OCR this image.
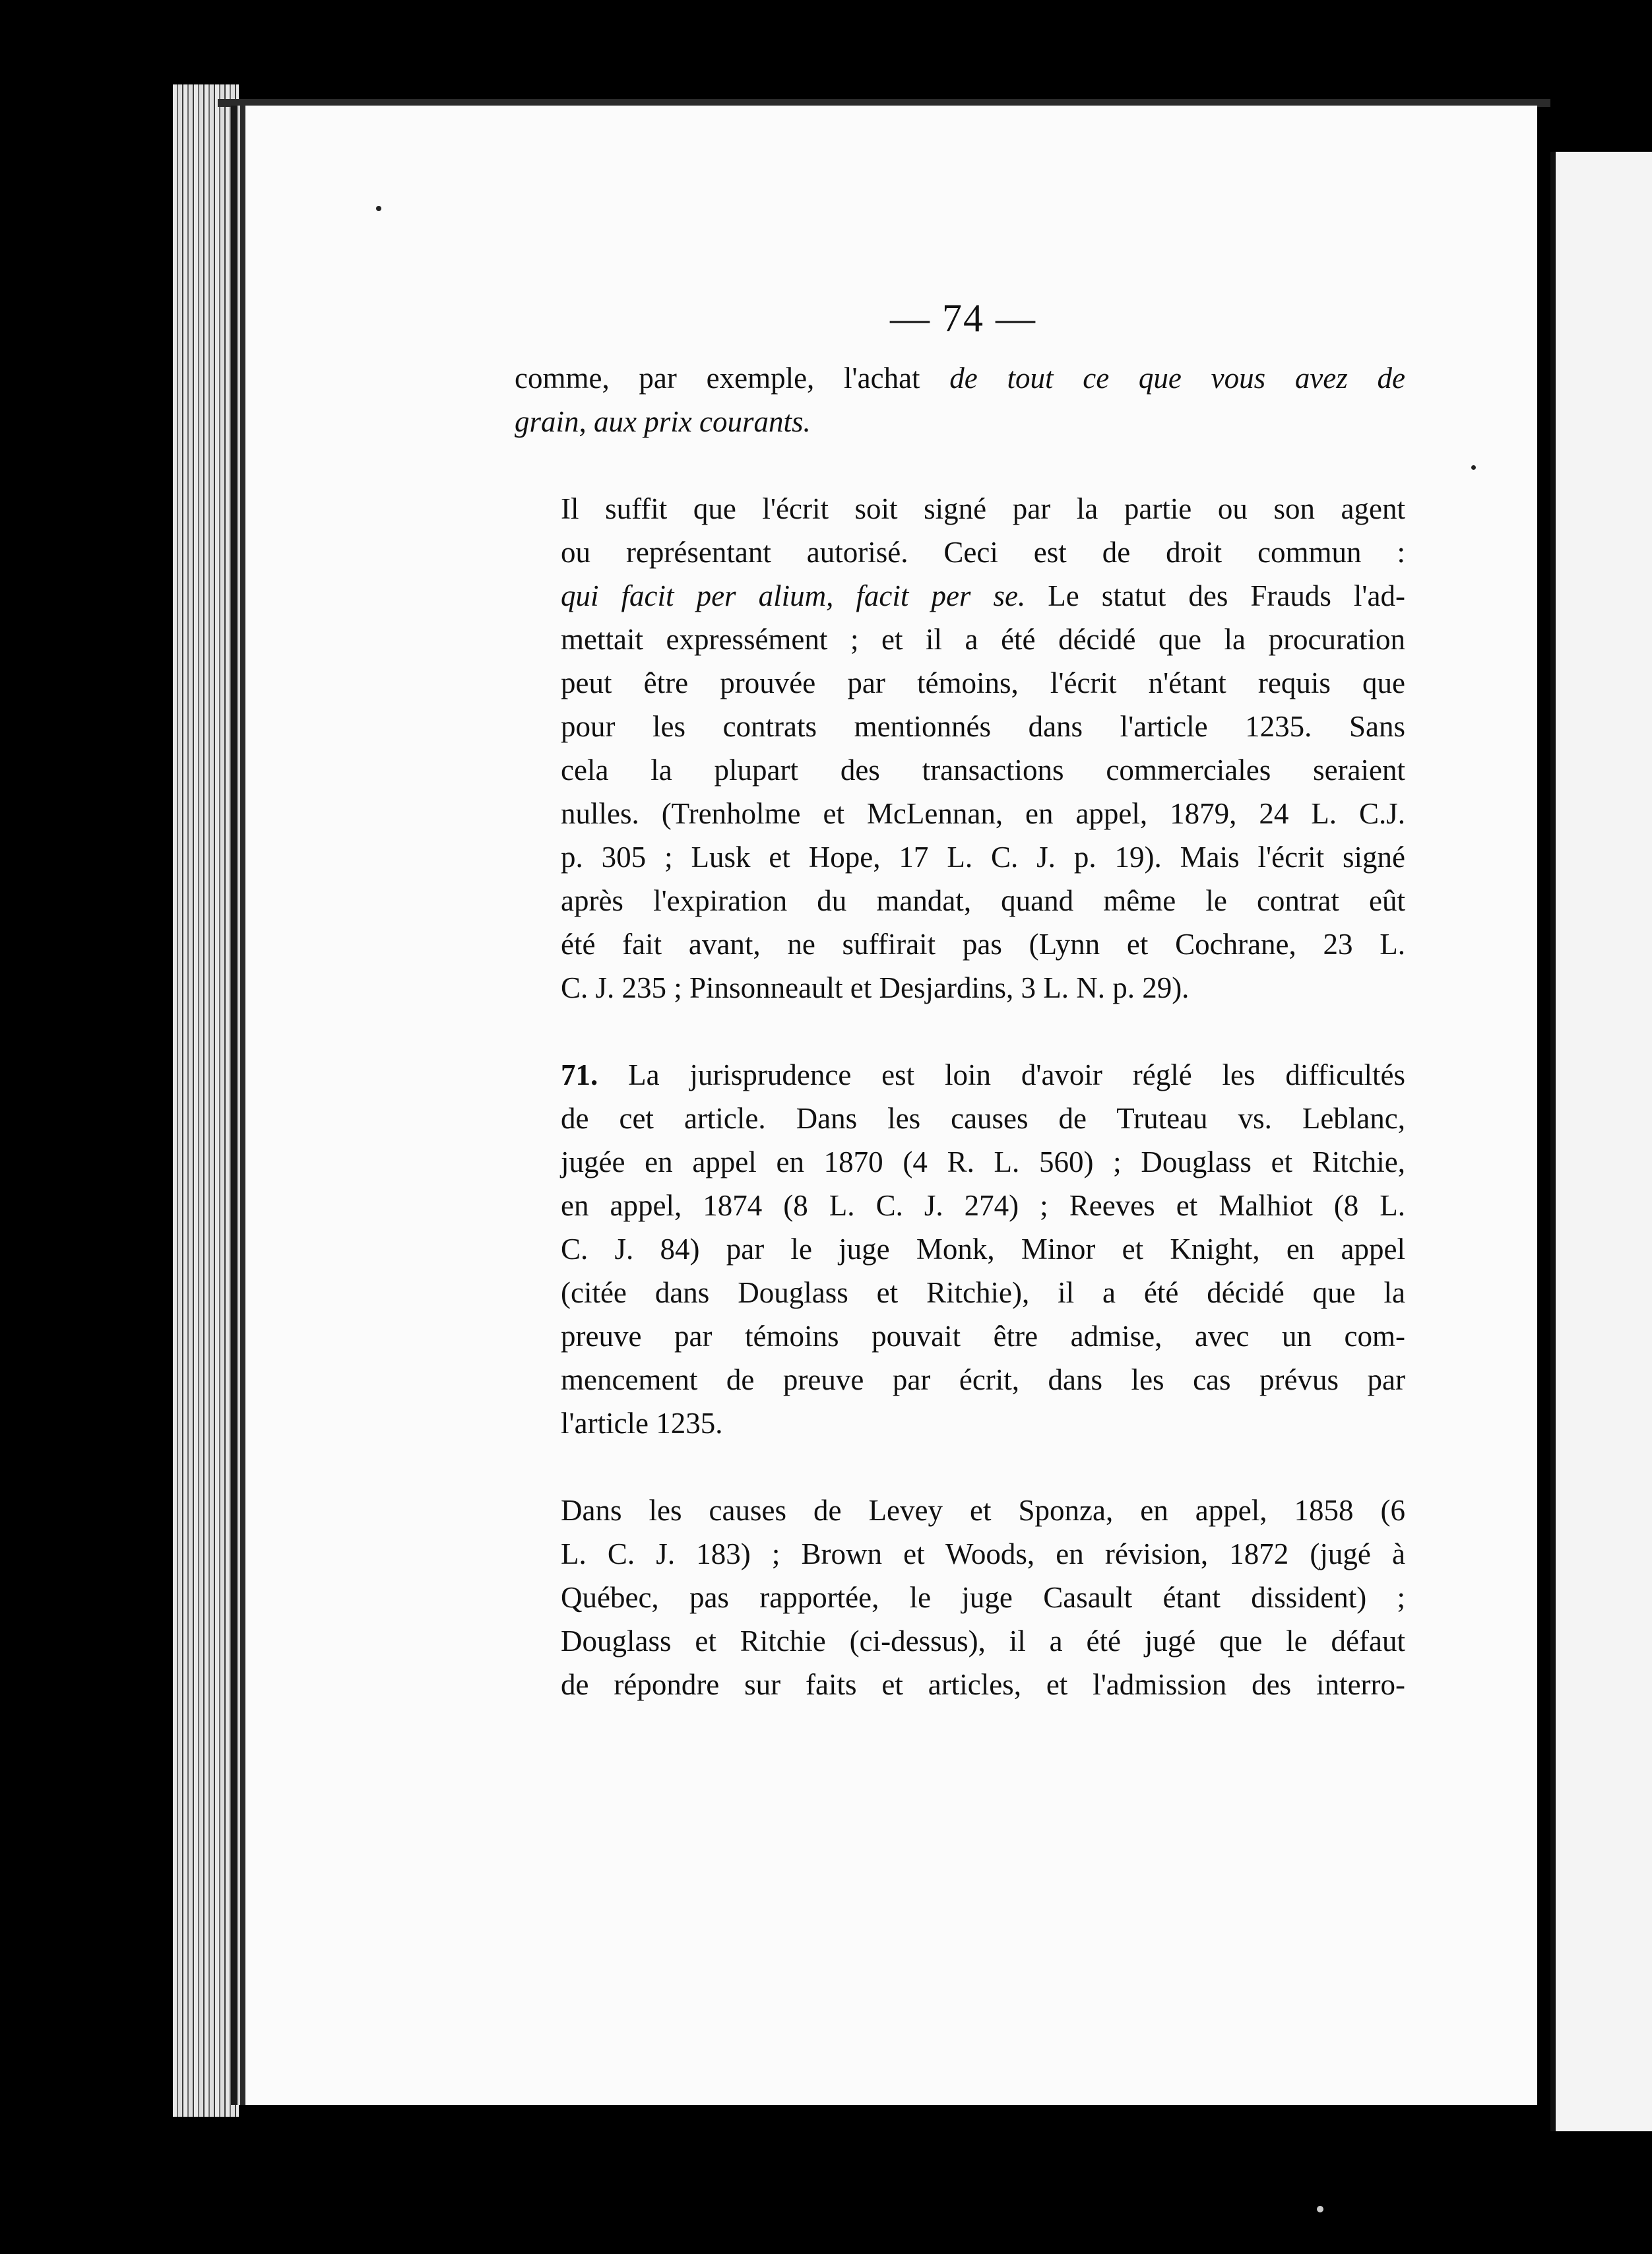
— 74 —

comme, par exemple, l'achat de tout ce que vous avez de
grain, aux prix courants.

Il suffit que l'écrit soit signé par la partie ou son agent
ou représentant autorisé. Ceci est de droit commun :
qui facit per alium, facit per se. Le statut des Frauds l'ad-
mettait expressément ; et il a été décidé que la procuration
peut être prouvée par témoins, l'écrit n'étant requis que
pour les contrats mentionnés dans l'article 1235. Sans
cela la plupart des transactions commerciales seraient
nulles. (Trenholme et McLennan, en appel, 1879, 24 L. C.J.
p. 305 ; Lusk et Hope, 17 L. C. J. p. 19). Mais l'écrit signé
après l'expiration du mandat, quand même le contrat eût
été fait avant, ne suffirait pas (Lynn et Cochrane, 23 L.
C. J. 235 ; Pinsonneault et Desjardins, 3 L. N. p. 29).

71. La jurisprudence est loin d'avoir réglé les difficultés
de cet article. Dans les causes de Truteau vs. Leblanc,
jugée en appel en 1870 (4 R. L. 560) ; Douglass et Ritchie,
en appel, 1874 (8 L. C. J. 274) ; Reeves et Malhiot (8 L.
C. J. 84) par le juge Monk, Minor et Knight, en appel
(citée dans Douglass et Ritchie), il a été décidé que la
preuve par témoins pouvait être admise, avec un com-
mencement de preuve par écrit, dans les cas prévus par
l'article 1235.

Dans les causes de Levey et Sponza, en appel, 1858 (6
L. C. J. 183) ; Brown et Woods, en révision, 1872 (jugé à
Québec, pas rapportée, le juge Casault étant dissident) ;
Douglass et Ritchie (ci-dessus), il a été jugé que le défaut
de répondre sur faits et articles, et l'admission des interro-
